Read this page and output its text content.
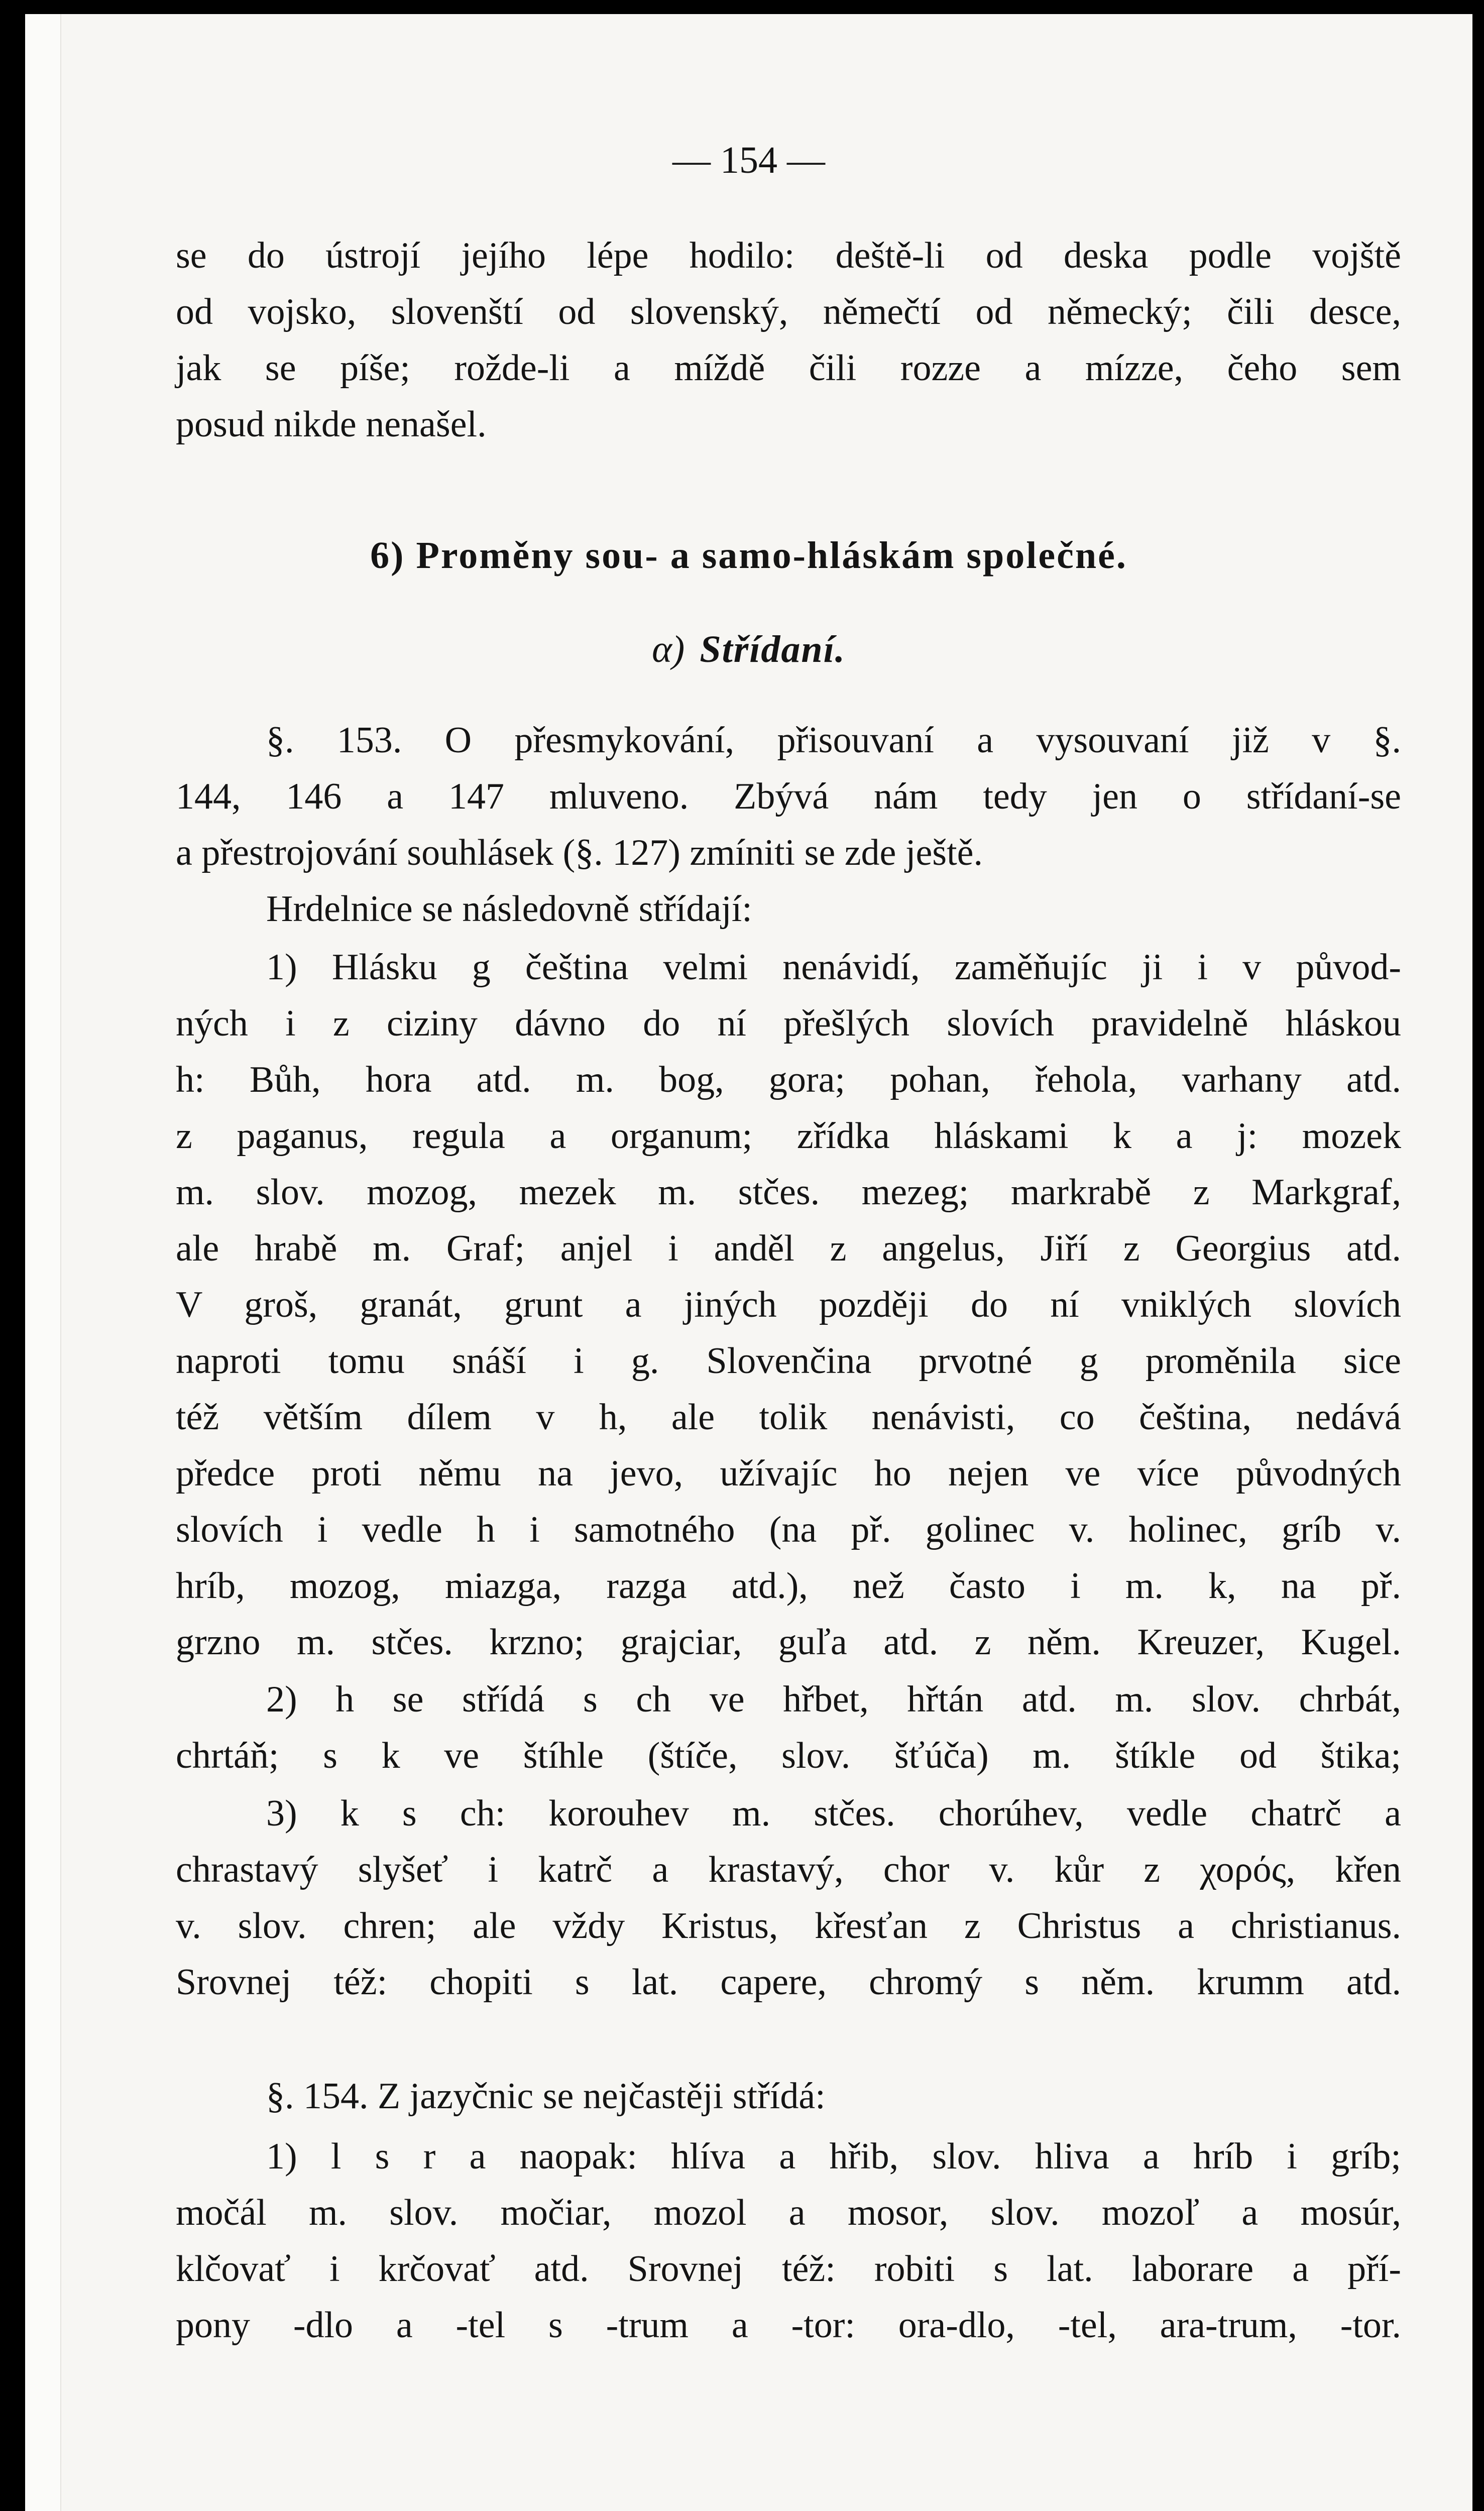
— 154 —
se do ústrojí jejího lépe hodilo: deště-li od deska podle vojště
od vojsko, slovenští od slovenský, němečtí od německý; čili desce,
jak se píše; rožde-li a míždě čili rozze a mízze, čeho sem
posud nikde nenašel.
6) Proměny sou- a samo-hláskám společné.
α) Střídaní.
§. 153. O přesmykování, přisouvaní a vysouvaní již v §.
144, 146 a 147 mluveno. Zbývá nám tedy jen o střídaní-se
a přestrojování souhlásek (§. 127) zmíniti se zde ještě.
Hrdelnice se následovně střídají:
1) Hlásku g čeština velmi nenávidí, zaměňujíc ji i v původ-
ných i z ciziny dávno do ní přešlých slovích pravidelně hláskou
h: Bůh, hora atd. m. bog, gora; pohan, řehola, varhany atd.
z paganus, regula a organum; zřídka hláskami k a j: mozek
m. slov. mozog, mezek m. stčes. mezeg; markrabě z Markgraf,
ale hrabě m. Graf; anjel i anděl z angelus, Jiří z Georgius atd.
V groš, granát, grunt a jiných později do ní vniklých slovích
naproti tomu snáší i g. Slovenčina prvotné g proměnila sice
též větším dílem v h, ale tolik nenávisti, co čeština, nedává
předce proti němu na jevo, užívajíc ho nejen ve více původných
slovích i vedle h i samotného (na př. golinec v. holinec, gríb v.
hríb, mozog, miazga, razga atd.), než často i m. k, na př.
grzno m. stčes. krzno; grajciar, guľa atd. z něm. Kreuzer, Kugel.
2) h se střídá s ch ve hřbet, hřtán atd. m. slov. chrbát,
chrtáň; s k ve štíhle (štíče, slov. šťúča) m. štíkle od štika;
3) k s ch: korouhev m. stčes. chorúhev, vedle chatrč a
chrastavý slyšeť i katrč a krastavý, chor v. kůr z χορός, křen
v. slov. chren; ale vždy Kristus, křesťan z Christus a christianus.
Srovnej též: chopiti s lat. capere, chromý s něm. krumm atd.
§. 154. Z jazyčnic se nejčastěji střídá:
1) l s r a naopak: hlíva a hřib, slov. hliva a hríb i gríb;
močál m. slov. močiar, mozol a mosor, slov. mozoľ a mosúr,
klčovať i krčovať atd. Srovnej též: robiti s lat. laborare a pří-
pony -dlo a -tel s -trum a -tor: ora-dlo, -tel, ara-trum, -tor.
